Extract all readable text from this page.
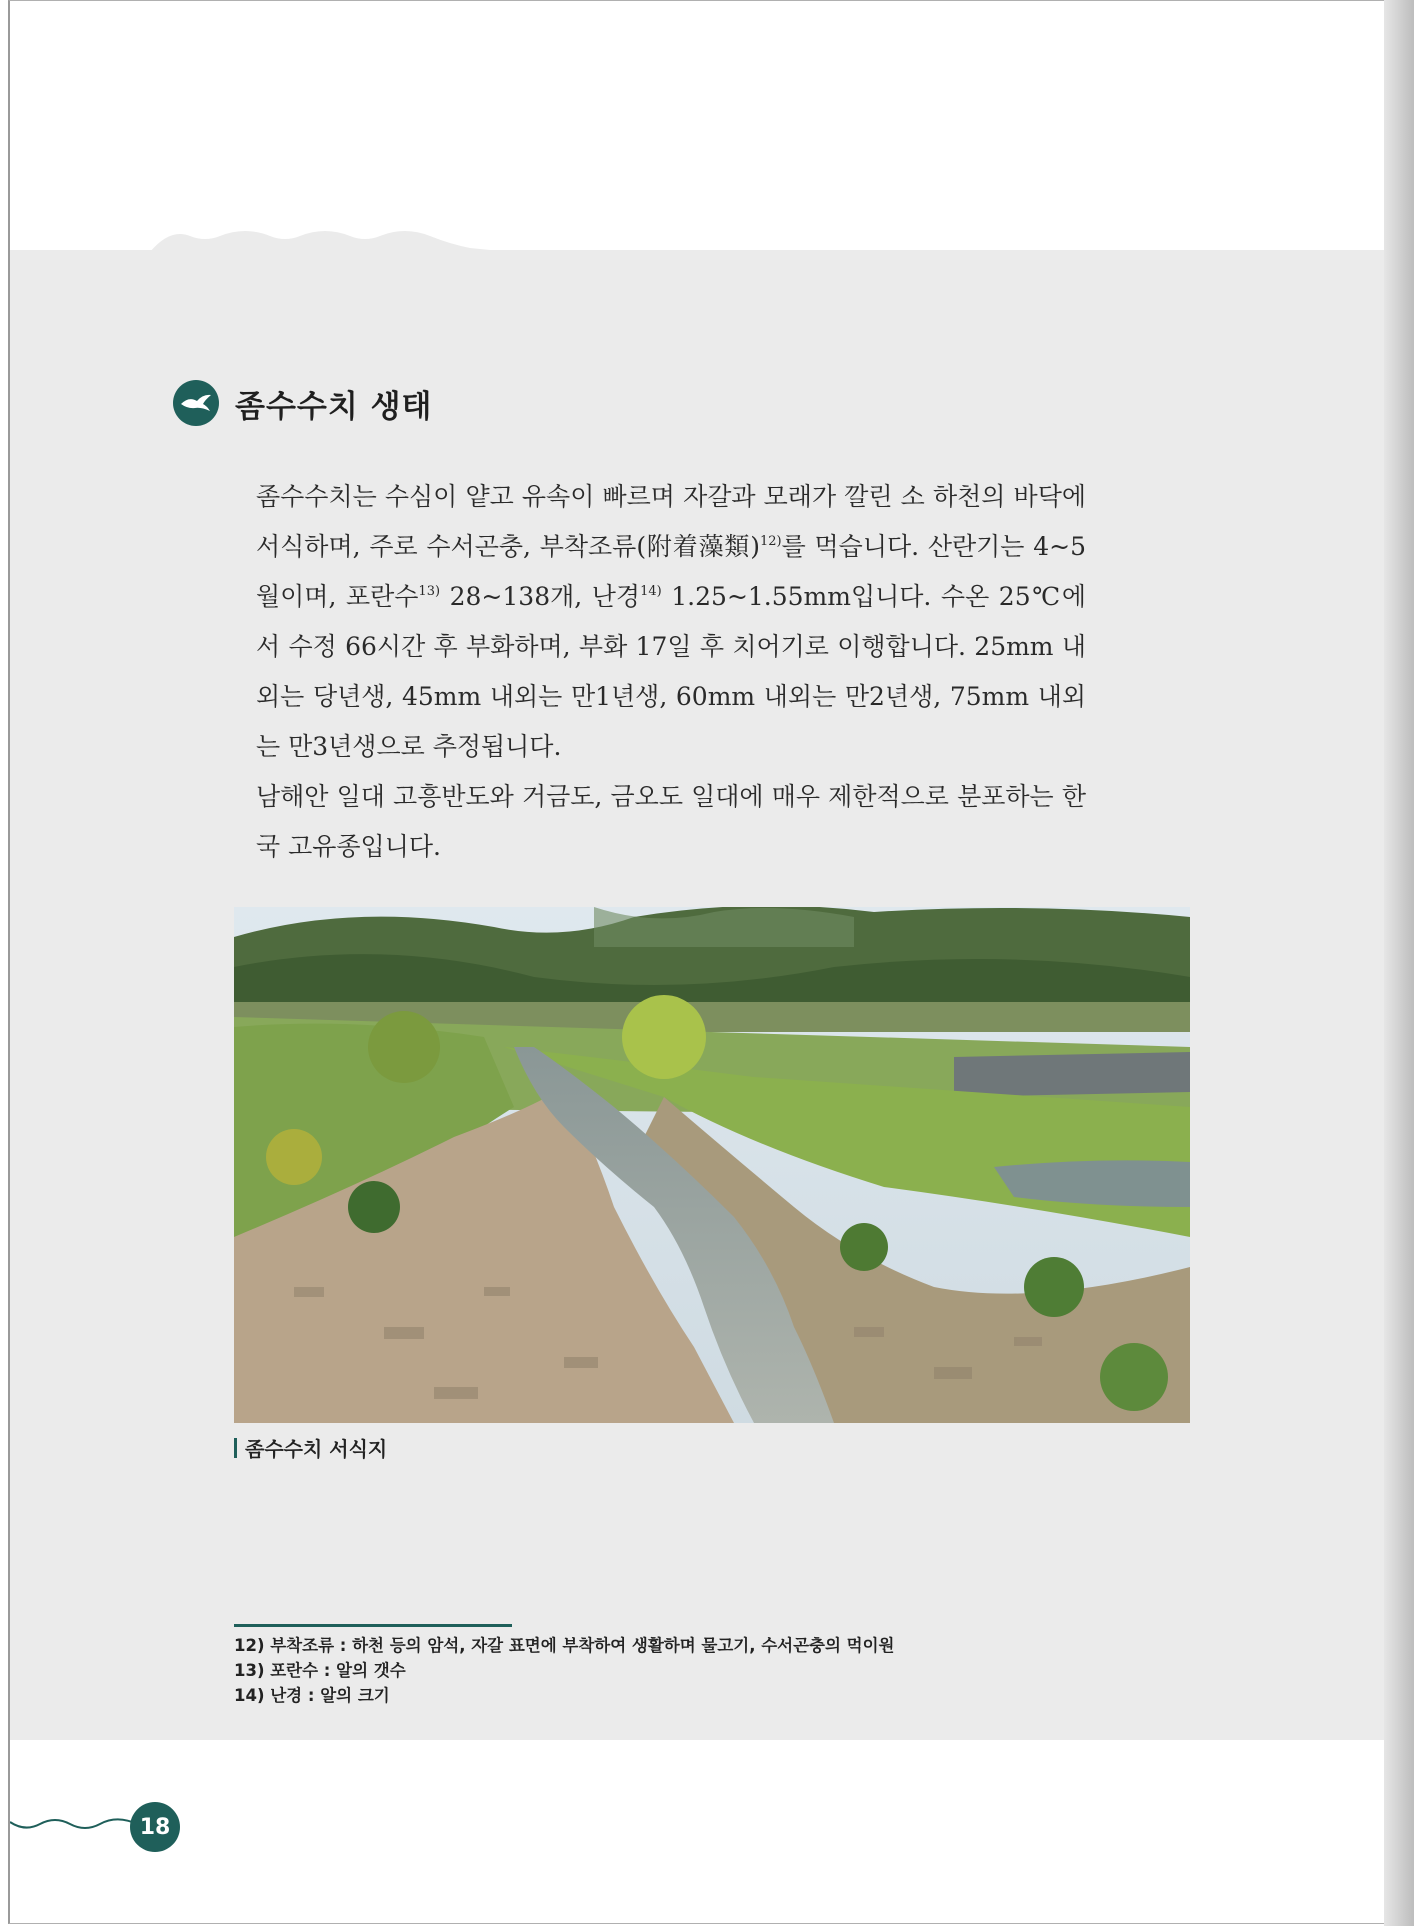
좀수수치 생태

좀수수치는 수심이 얕고 유속이 빠르며 자갈과 모래가 깔린 소 하천의 바닥에 서식하며, 주로 수서곤충, 부착조류(附着藻類)$^{12)}$를 먹습니다. 산란기는 4~5월이며, 포란수$^{13)}$ 28~138개, 난경$^{14)}$ 1.25~1.55mm입니다. 수온 25℃에서 수정 66시간 후 부화하며, 부화 17일 후 치어기로 이행합니다. 25mm 내외는 당년생, 45mm 내외는 만1년생, 60mm 내외는 만2년생, 75mm 내외는 만3년생으로 추정됩니다.

남해안 일대 고흥반도와 거금도, 금오도 일대에 매우 제한적으로 분포하는 한국 고유종입니다.

좀수수치 서식지
12) 부착조류 : 하천 등의 암석, 자갈 표면에 부착하여 생활하며 물고기, 수서곤충의 먹이원
13) 포란수 : 알의 갯수
14) 난경 : 알의 크기
18
